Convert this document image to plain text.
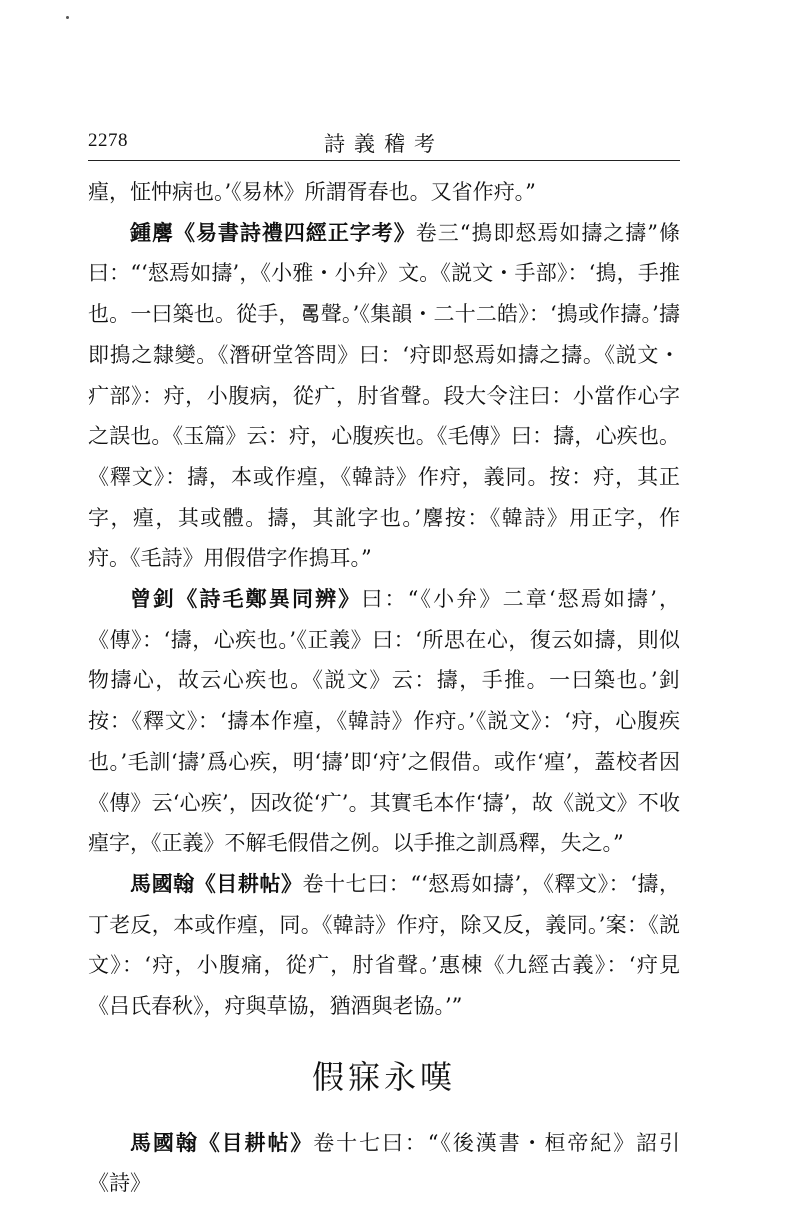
2278	詩義稽考

㾮，怔忡病也。’《易林》所謂胥春也。又省作疛。”

鍾麐《易書詩禮四經正字考》卷三“㨶即惄焉如擣之擣”條曰：“‘惄焉如擣’，《小雅・小弁》文。《説文・手部》：‘㨶，手推也。一曰築也。從手，𠷎聲。’《集韻・二十二皓》：‘㨶或作擣。’擣即㨶之隸變。《潛研堂答問》曰：‘疛即惄焉如擣之擣。《説文・疒部》：疛，小腹病，從疒，肘省聲。段大令注曰：小當作心字之誤也。《玉篇》云：疛，心腹疾也。《毛傳》曰：擣，心疾也。《釋文》：擣，本或作㾮，《韓詩》作疛，義同。按：疛，其正字，㾮，其或體。擣，其訛字也。’麐按：《韓詩》用正字，作疛。《毛詩》用假借字作㨶耳。”

曾釗《詩毛鄭異同辨》曰：“《小弁》二章‘惄焉如擣’，《傳》：‘擣，心疾也。’《正義》曰：‘所思在心，復云如擣，則似物擣心，故云心疾也。《説文》云：擣，手推。一曰築也。’釗按：《釋文》：‘擣本作㾮，《韓詩》作疛。’《説文》：‘疛，心腹疾也。’毛訓‘擣’爲心疾，明‘擣’即‘疛’之假借。或作‘㾮’，蓋校者因《傳》云‘心疾’，因改從‘疒’。其實毛本作‘擣’，故《説文》不收㾮字，《正義》不解毛假借之例。以手推之訓爲釋，失之。”

馬國翰《目耕帖》卷十七曰：“‘惄焉如擣’，《釋文》：‘擣，丁老反，本或作㾮，同。《韓詩》作疛，除又反，義同。’案：《説文》：‘疛，小腹痛，從疒，肘省聲。’惠棟《九經古義》：‘疛見《吕氏春秋》，疛與草協，猶酒與老協。’”

假寐永嘆

馬國翰《目耕帖》卷十七曰：“《後漢書・桓帝紀》詔引《詩》
